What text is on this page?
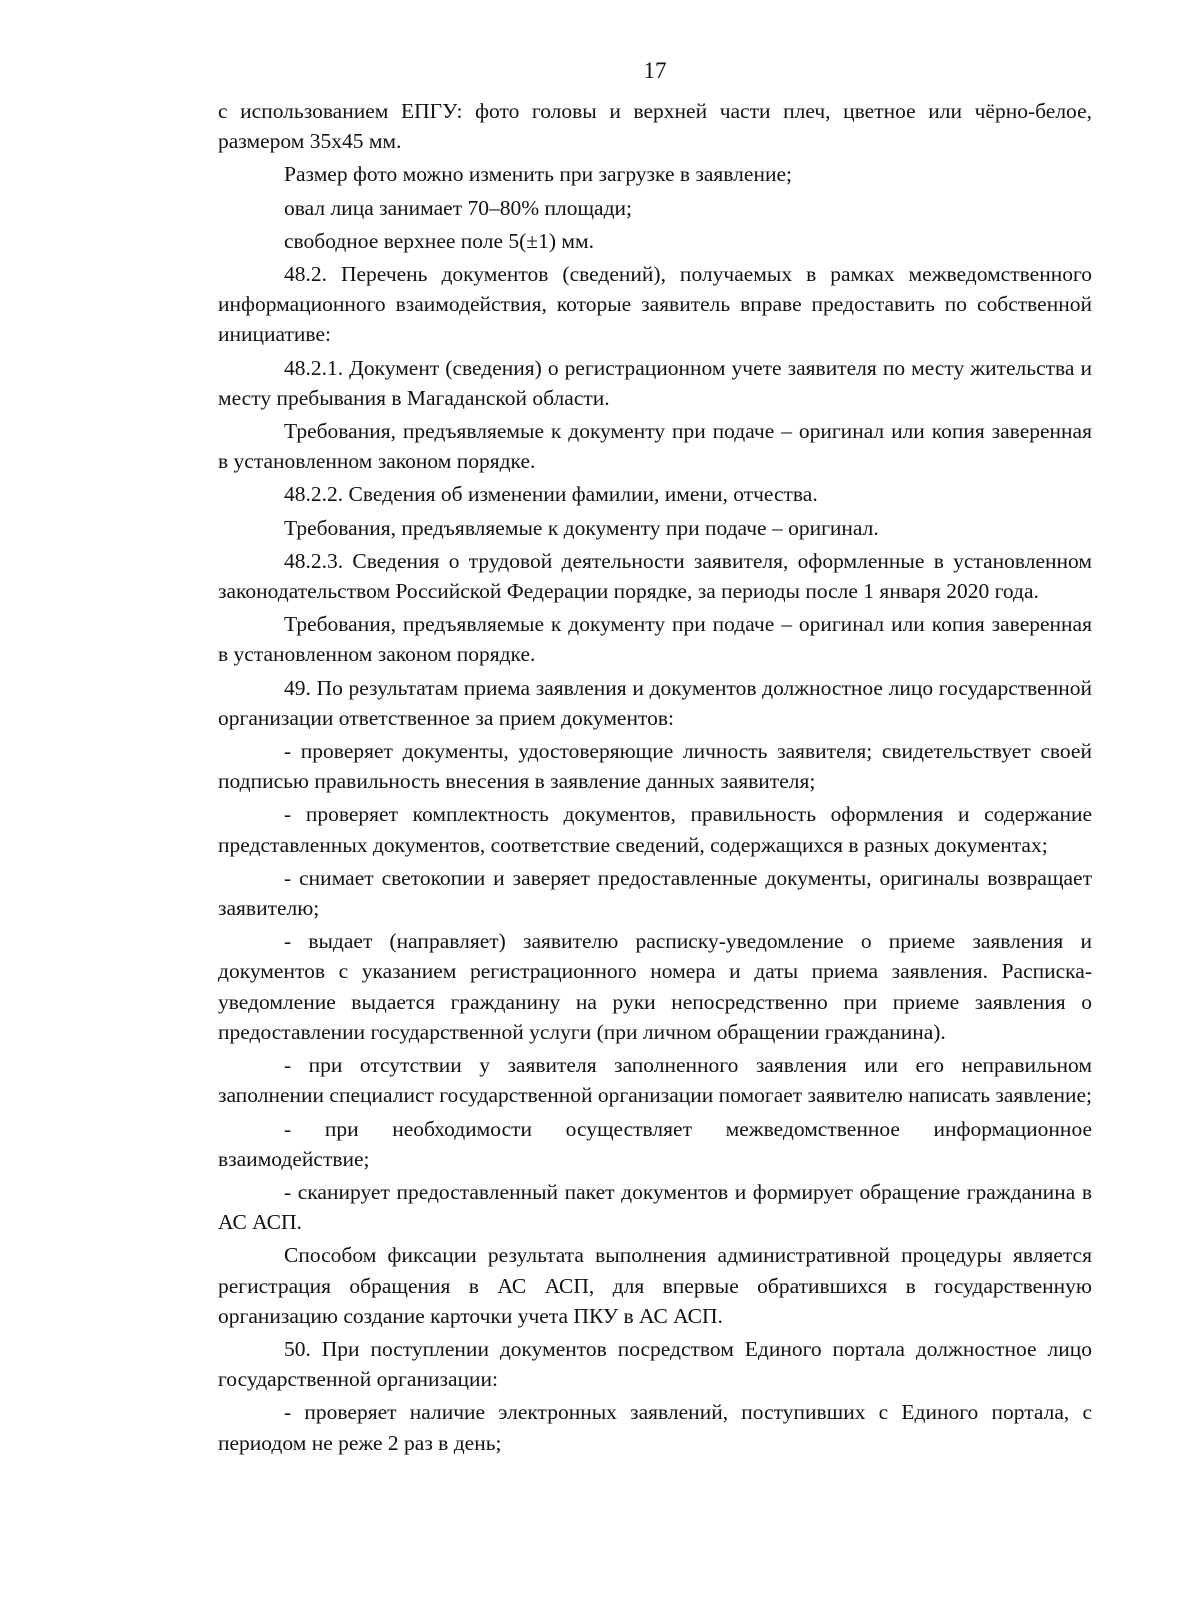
17

с использованием ЕПГУ: фото головы и верхней части плеч, цветное или чёрно-белое, размером 35х45 мм.

Размер фото можно изменить при загрузке в заявление;

овал лица занимает 70–80% площади;

свободное верхнее поле 5(±1) мм.

48.2. Перечень документов (сведений), получаемых в рамках межведомственного информационного взаимодействия, которые заявитель вправе предоставить по собственной инициативе:

48.2.1. Документ (сведения) о регистрационном учете заявителя по месту жительства и месту пребывания в Магаданской области.

Требования, предъявляемые к документу при подаче – оригинал или копия заверенная в установленном законом порядке.

48.2.2. Сведения об изменении фамилии, имени, отчества.

Требования, предъявляемые к документу при подаче – оригинал.

48.2.3. Сведения о трудовой деятельности заявителя, оформленные в установленном законодательством Российской Федерации порядке, за периоды после 1 января 2020 года.

Требования, предъявляемые к документу при подаче – оригинал или копия заверенная в установленном законом порядке.

49. По результатам приема заявления и документов должностное лицо государственной организации ответственное за прием документов:

- проверяет документы, удостоверяющие личность заявителя; свидетельствует своей подписью правильность внесения в заявление данных заявителя;

- проверяет комплектность документов, правильность оформления и содержание представленных документов, соответствие сведений, содержащихся в разных документах;

- снимает светокопии и заверяет предоставленные документы, оригиналы возвращает заявителю;

- выдает (направляет) заявителю расписку-уведомление о приеме заявления и документов с указанием регистрационного номера и даты приема заявления. Расписка-уведомление выдается гражданину на руки непосредственно при приеме заявления о предоставлении государственной услуги (при личном обращении гражданина).

- при отсутствии у заявителя заполненного заявления или его неправильном заполнении специалист государственной организации помогает заявителю написать заявление;

- при необходимости осуществляет межведомственное информационное взаимодействие;

- сканирует предоставленный пакет документов и формирует обращение гражданина в АС АСП.

Способом фиксации результата выполнения административной процедуры является регистрация обращения в АС АСП, для впервые обратившихся в государственную организацию создание карточки учета ПКУ в АС АСП.

50. При поступлении документов посредством Единого портала должностное лицо государственной организации:

- проверяет наличие электронных заявлений, поступивших с Единого портала, с периодом не реже 2 раз в день;
